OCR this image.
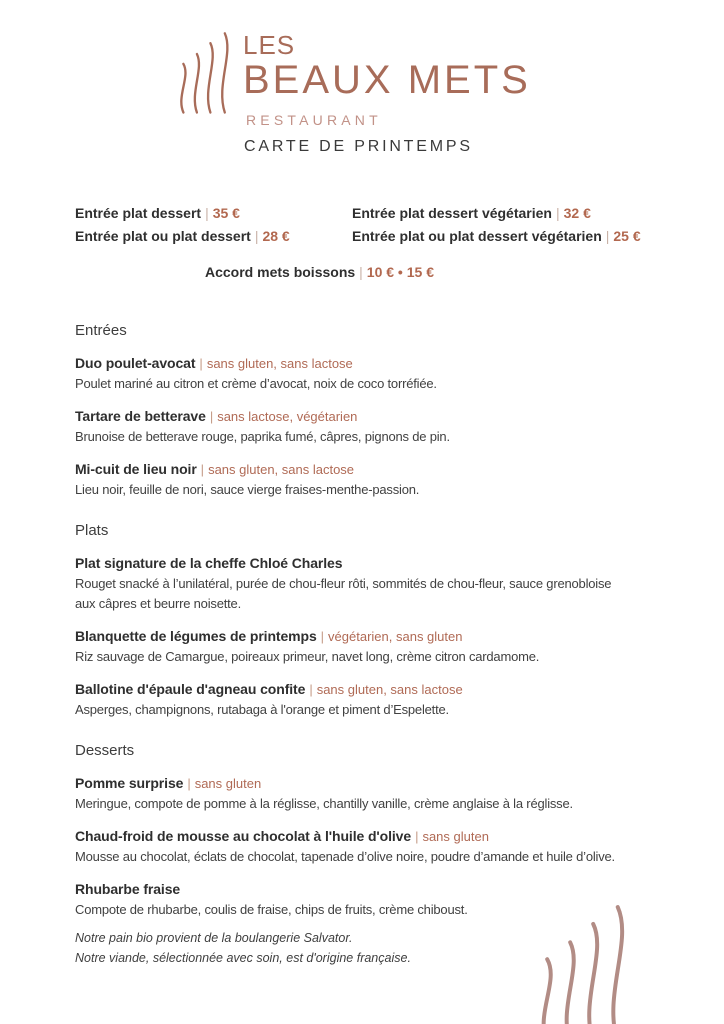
LES
BEAUX METS
RESTAURANT
CARTE DE PRINTEMPS
Entrée plat dessert | 35 €
Entrée plat ou plat dessert | 28 €
Entrée plat dessert végétarien | 32 €
Entrée plat ou plat dessert végétarien | 25 €
Accord mets boissons | 10 € • 15 €
Entrées
Duo poulet-avocat | sans gluten, sans lactose
Poulet mariné au citron et crème d’avocat, noix de coco torréfiée.
Tartare de betterave | sans lactose, végétarien
Brunoise de betterave rouge, paprika fumé, câpres, pignons de pin.
Mi-cuit de lieu noir | sans gluten, sans lactose
Lieu noir, feuille de nori, sauce vierge fraises-menthe-passion.
Plats
Plat signature de la cheffe Chloé Charles
Rouget snacké à l’unilatéral, purée de chou-fleur rôti, sommités de chou-fleur, sauce grenobloise
aux câpres et beurre noisette.
Blanquette de légumes de printemps | végétarien, sans gluten
Riz sauvage de Camargue, poireaux primeur, navet long, crème citron cardamome.
Ballotine d'épaule d'agneau confite | sans gluten, sans lactose
Asperges, champignons, rutabaga à l'orange et piment d’Espelette.
Desserts
Pomme surprise | sans gluten
Meringue, compote de pomme à la réglisse, chantilly vanille, crème anglaise à la réglisse.
Chaud-froid de mousse au chocolat à l'huile d'olive | sans gluten
Mousse au chocolat, éclats de chocolat, tapenade d’olive noire, poudre d’amande et huile d’olive.
Rhubarbe fraise
Compote de rhubarbe, coulis de fraise, chips de fruits, crème chiboust.
Notre pain bio provient de la boulangerie Salvator.
Notre viande, sélectionnée avec soin, est d'origine française.
